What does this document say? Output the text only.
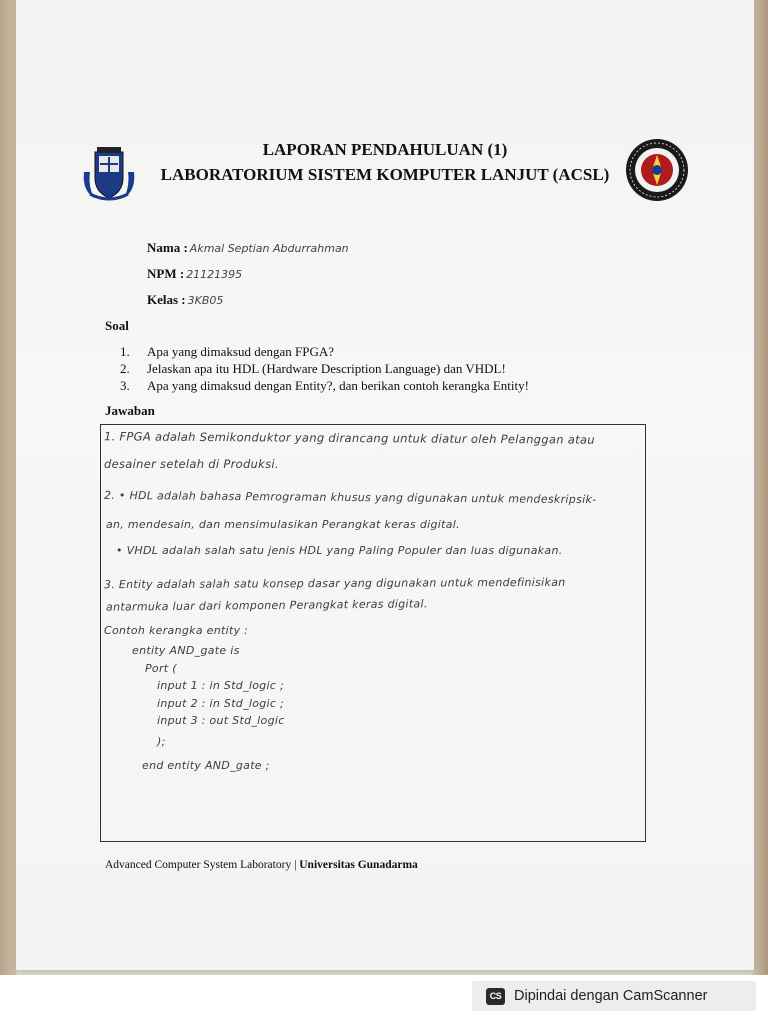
LAPORAN PENDAHULUAN (1)
LABORATORIUM SISTEM KOMPUTER LANJUT (ACSL)
Nama : Akmal Septian Abdurrahman
NPM : 21121395
Kelas : 3KB05
Soal
1.	Apa yang dimaksud dengan FPGA?
2.	Jelaskan apa itu HDL (Hardware Description Language) dan VHDL!
3.	Apa yang dimaksud dengan Entity?, dan berikan contoh kerangka Entity!
Jawaban
1. FPGA adalah Semikonduktor yang dirancang untuk diatur oleh Pelanggan atau
desainer setelah di Produksi.
2. • HDL adalah bahasa Pemrograman khusus yang digunakan untuk mendeskripsik-
an, mendesain, dan mensimulasikan Perangkat keras digital.
• VHDL adalah salah satu jenis HDL yang Paling Populer dan luas digunakan.
3. Entity adalah salah satu konsep dasar yang digunakan untuk mendefinisikan
antarmuka luar dari komponen Perangkat keras digital.
Contoh kerangka entity :
entity AND_gate is
Port (
input 1 : in Std_logic ;
input 2 : in Std_logic ;
input 3 : out Std_logic
);
end entity AND_gate ;
Advanced Computer System Laboratory | Universitas Gunadarma
CS Dipindai dengan CamScanner
